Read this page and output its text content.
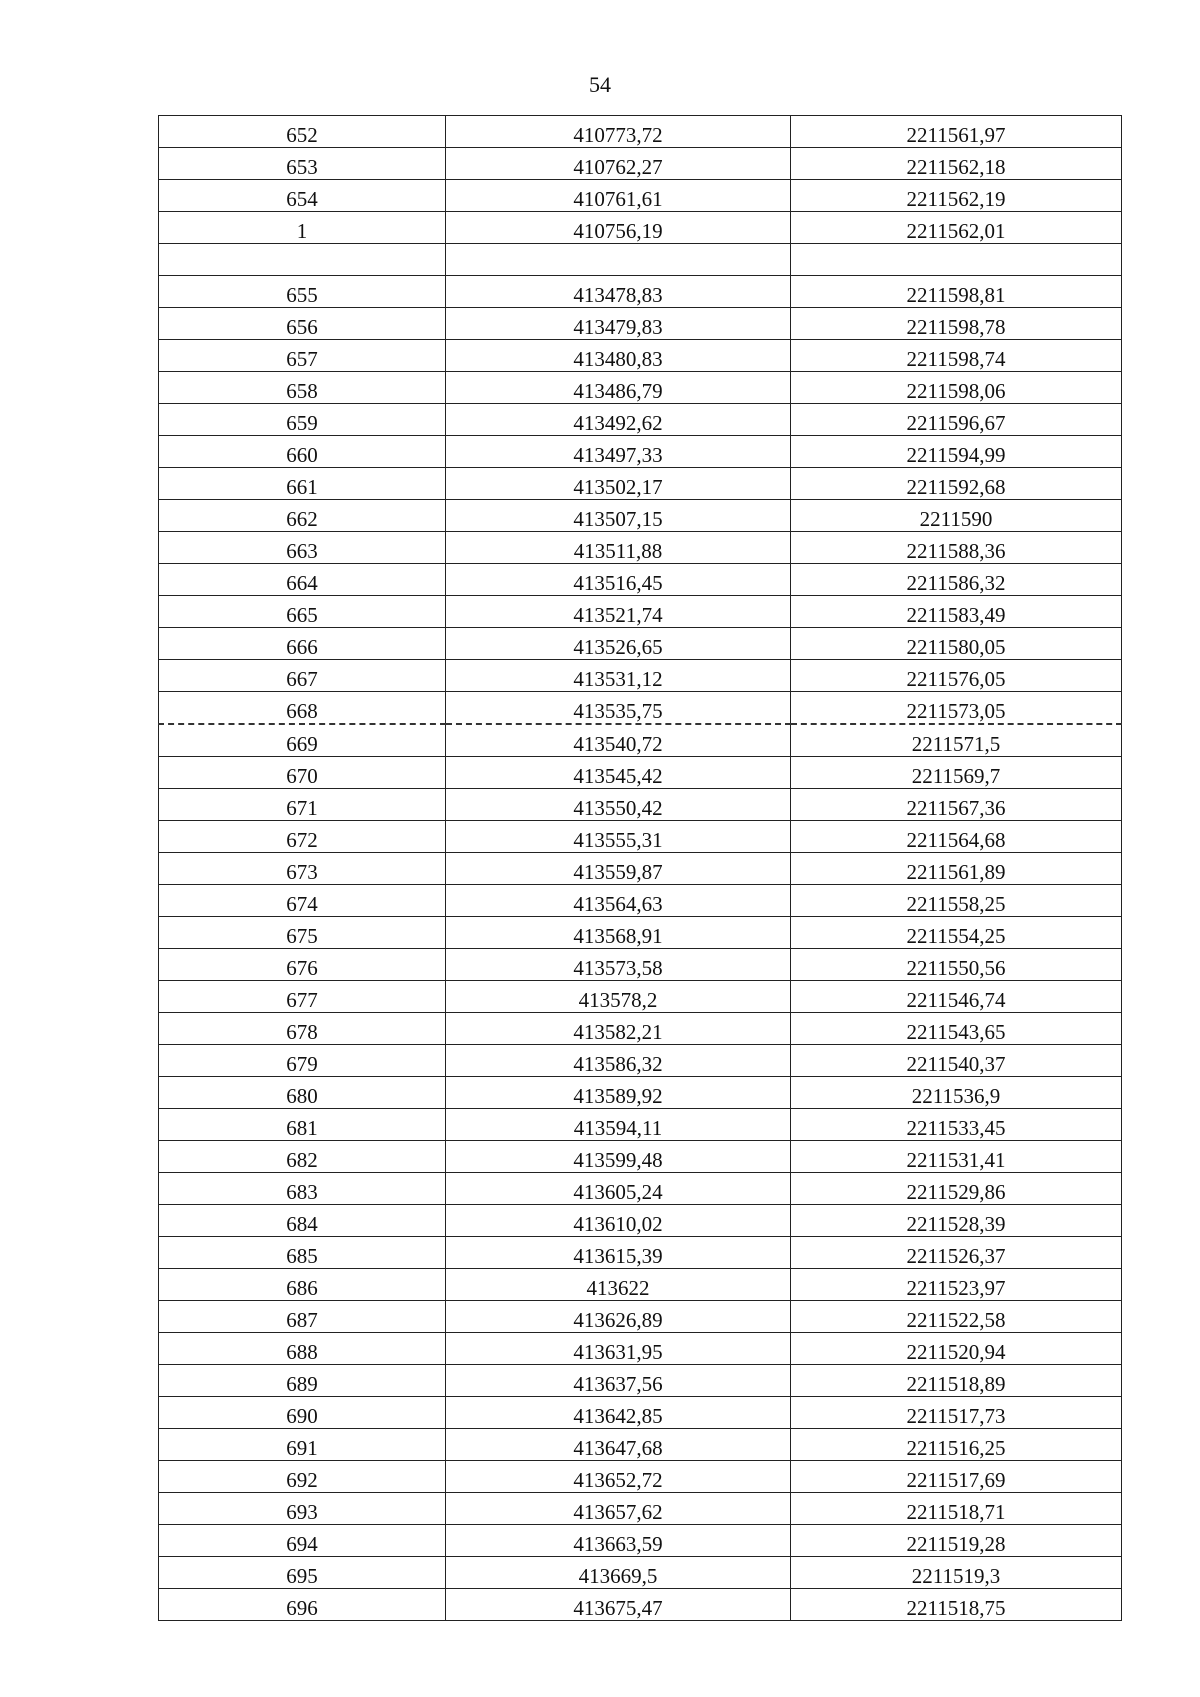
54
652	410773,72	2211561,97
653	410762,27	2211562,18
654	410761,61	2211562,19
1	410756,19	2211562,01

655	413478,83	2211598,81
656	413479,83	2211598,78
657	413480,83	2211598,74
658	413486,79	2211598,06
659	413492,62	2211596,67
660	413497,33	2211594,99
661	413502,17	2211592,68
662	413507,15	2211590
663	413511,88	2211588,36
664	413516,45	2211586,32
665	413521,74	2211583,49
666	413526,65	2211580,05
667	413531,12	2211576,05
668	413535,75	2211573,05
669	413540,72	2211571,5
670	413545,42	2211569,7
671	413550,42	2211567,36
672	413555,31	2211564,68
673	413559,87	2211561,89
674	413564,63	2211558,25
675	413568,91	2211554,25
676	413573,58	2211550,56
677	413578,2	2211546,74
678	413582,21	2211543,65
679	413586,32	2211540,37
680	413589,92	2211536,9
681	413594,11	2211533,45
682	413599,48	2211531,41
683	413605,24	2211529,86
684	413610,02	2211528,39
685	413615,39	2211526,37
686	413622	2211523,97
687	413626,89	2211522,58
688	413631,95	2211520,94
689	413637,56	2211518,89
690	413642,85	2211517,73
691	413647,68	2211516,25
692	413652,72	2211517,69
693	413657,62	2211518,71
694	413663,59	2211519,28
695	413669,5	2211519,3
696	413675,47	2211518,75
